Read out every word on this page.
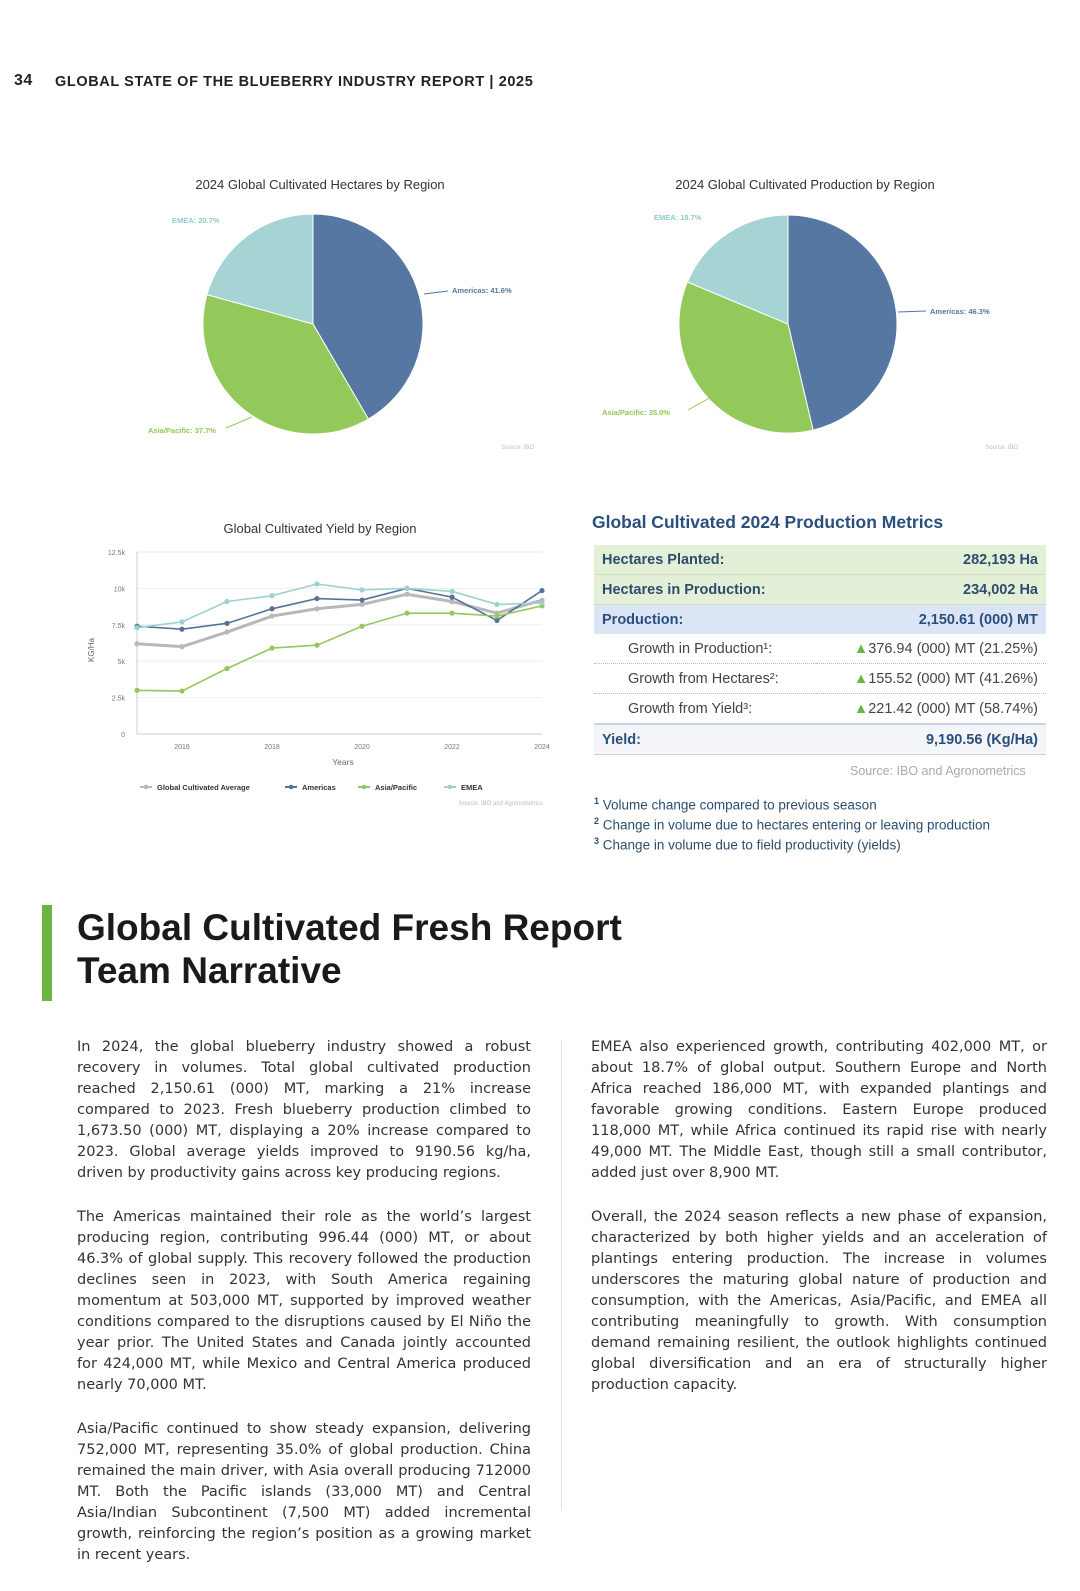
34 GLOBAL STATE OF THE BLUEBERRY INDUSTRY REPORT | 2025
2024 Global Cultivated Hectares by Region
Americas: 41.6%
Asia/Pacific: 37.7%
EMEA: 20.7%
Source: IBO
2024 Global Cultivated Production by Region
Americas: 46.3%
Asia/Pacific: 35.0%
EMEA: 18.7%
Source: IBO
Global Cultivated Yield by Region
0
2.5k
5k
7.5k
10k
12.5k
2016	2018	2020	2022	2024
KG/Ha
Years
Global Cultivated Average	Americas	Asia/Pacific	EMEA
Source: IBO and Agronometrics
Global Cultivated 2024 Production Metrics
Hectares Planted:	282,193 Ha
Hectares in Production:	234,002 Ha
Production:	2,150.61 (000) MT
Growth in Production¹:	▲376.94 (000) MT (21.25%)
Growth from Hectares²:	▲155.52 (000) MT (41.26%)
Growth from Yield³:	▲221.42 (000) MT (58.74%)
Yield:	9,190.56 (Kg/Ha)
Source: IBO and Agronometrics
$^1$ Volume change compared to previous season
$^2$ Change in volume due to hectares entering or leaving production
$^3$ Change in volume due to field productivity (yields)
Global Cultivated Fresh Report Team Narrative

In 2024, the global blueberry industry showed a robust recovery in volumes. Total global cultivated production reached 2,150.61 (000) MT, marking a 21% increase compared to 2023. Fresh blueberry production climbed to 1,673.50 (000) MT, displaying a 20% increase compared to 2023. Global average yields improved to 9190.56 kg/ha, driven by productivity gains across key producing regions.

The Americas maintained their role as the world’s largest producing region, contributing 996.44 (000) MT, or about 46.3% of global supply. This recovery followed the production declines seen in 2023, with South America regaining momentum at 503,000 MT, supported by improved weather conditions compared to the disruptions caused by El Niño the year prior. The United States and Canada jointly accounted for 424,000 MT, while Mexico and Central America produced nearly 70,000 MT.

Asia/Pacific continued to show steady expansion, delivering 752,000 MT, representing 35.0% of global production. China remained the main driver, with Asia overall producing 712000 MT. Both the Pacific islands (33,000 MT) and Central Asia/Indian Subcontinent (7,500 MT) added incremental growth, reinforcing the region’s position as a growing market in recent years.

EMEA also experienced growth, contributing 402,000 MT, or about 18.7% of global output. Southern Europe and North Africa reached 186,000 MT, with expanded plantings and favorable growing conditions. Eastern Europe produced 118,000 MT, while Africa continued its rapid rise with nearly 49,000 MT. The Middle East, though still a small contributor, added just over 8,900 MT.

Overall, the 2024 season reflects a new phase of expansion, characterized by both higher yields and an acceleration of plantings entering production. The increase in volumes underscores the maturing global nature of production and consumption, with the Americas, Asia/Pacific, and EMEA all contributing meaningfully to growth. With consumption demand remaining resilient, the outlook highlights continued global diversification and an era of structurally higher production capacity.
